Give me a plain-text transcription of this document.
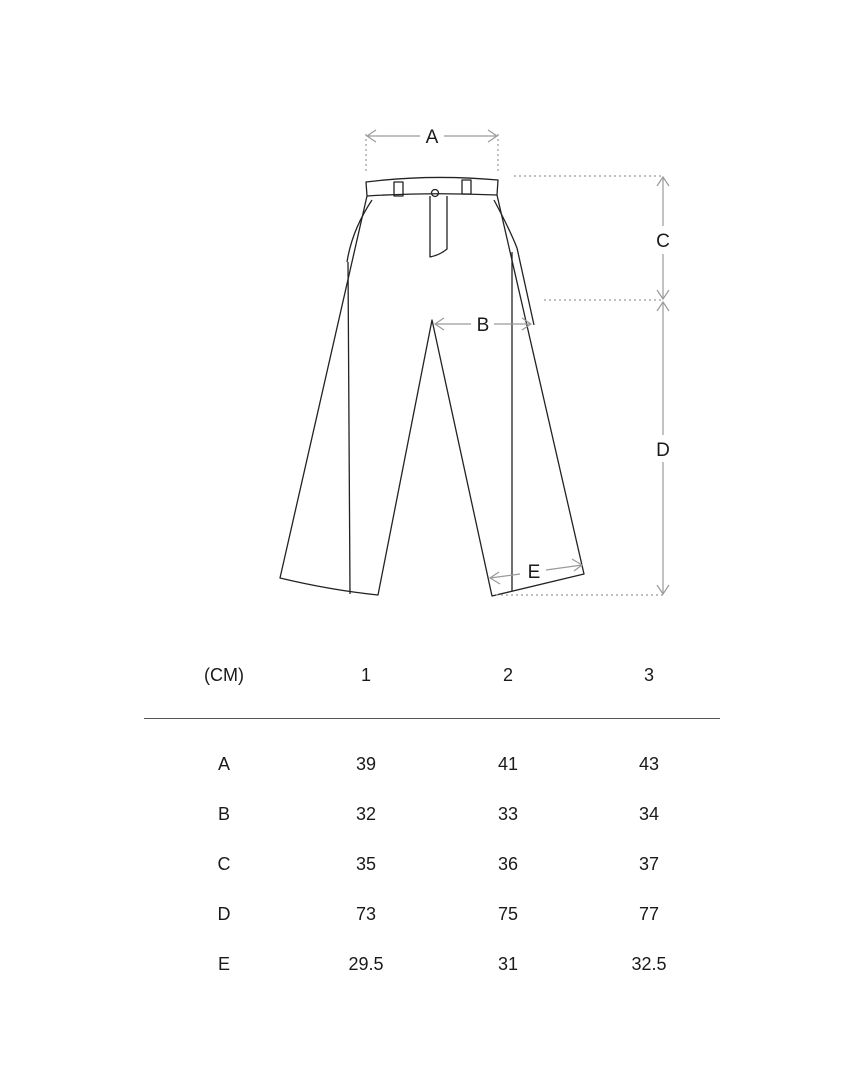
A
B
C
D
E
(CM)	1	2	3
A	39	41	43
B	32	33	34
C	35	36	37
D	73	75	77
E	29.5	31	32.5
